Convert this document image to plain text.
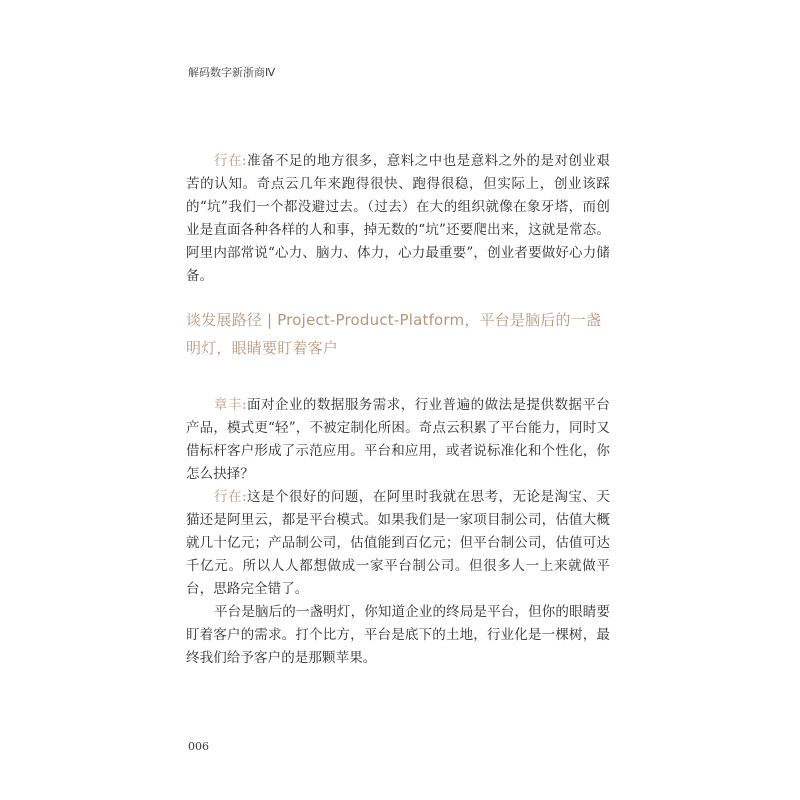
解码数字新浙商Ⅳ

行在:准备不足的地方很多，意料之中也是意料之外的是对创业艰苦的认知。奇点云几年来跑得很快、跑得很稳，但实际上，创业该踩的“坑”我们一个都没避过去。（过去）在大的组织就像在象牙塔，而创业是直面各种各样的人和事，掉无数的“坑”还要爬出来，这就是常态。阿里内部常说“心力、脑力、体力，心力最重要”，创业者要做好心力储备。

谈发展路径 | Project-Product-Platform，平台是脑后的一盏明灯，眼睛要盯着客户

章丰:面对企业的数据服务需求，行业普遍的做法是提供数据平台产品，模式更“轻”，不被定制化所困。奇点云积累了平台能力，同时又借标杆客户形成了示范应用。平台和应用，或者说标准化和个性化，你怎么抉择？

行在:这是个很好的问题，在阿里时我就在思考，无论是淘宝、天猫还是阿里云，都是平台模式。如果我们是一家项目制公司，估值大概就几十亿元；产品制公司，估值能到百亿元；但平台制公司，估值可达千亿元。所以人人都想做成一家平台制公司。但很多人一上来就做平台，思路完全错了。

平台是脑后的一盏明灯，你知道企业的终局是平台，但你的眼睛要盯着客户的需求。打个比方，平台是底下的土地，行业化是一棵树，最终我们给予客户的是那颗苹果。

006
